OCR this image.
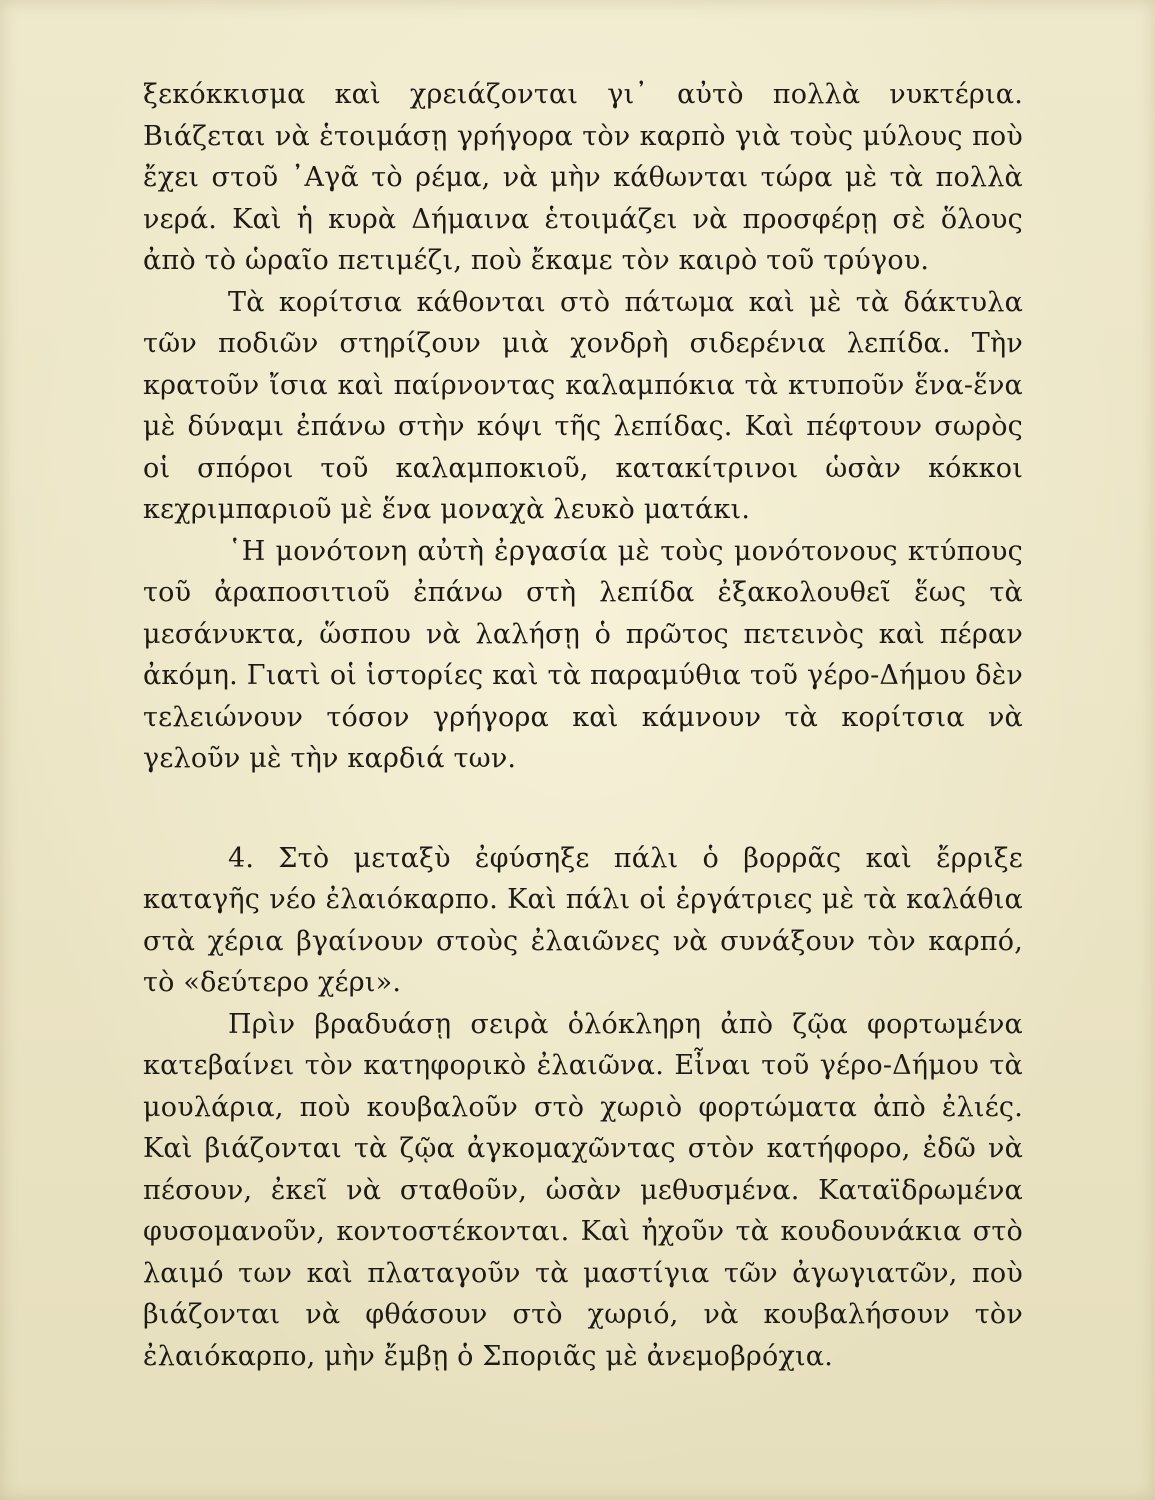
ξεκόκκισμα καὶ χρειάζονται γι᾽ αὐτὸ πολλὰ νυκτέρια. Βιάζεται νὰ ἑτοιμάσῃ γρήγορα τὸν καρπὸ γιὰ τοὺς μύλους ποὺ ἔχει στοῦ ᾽Αγᾶ τὸ ρέμα, νὰ μὴν κάθωνται τώρα μὲ τὰ πολλὰ νερά. Καὶ ἡ κυρὰ Δήμαινα ἑτοιμάζει νὰ προσφέρῃ σὲ ὅλους ἀπὸ τὸ ὡραῖο πετιμέζι, ποὺ ἔκαμε τὸν καιρὸ τοῦ τρύγου.

Τὰ κορίτσια κάθονται στὸ πάτωμα καὶ μὲ τὰ δάκτυλα τῶν ποδιῶν στηρίζουν μιὰ χονδρὴ σιδερένια λεπίδα. Τὴν κρατοῦν ἴσια καὶ παίρνοντας καλαμπόκια τὰ κτυποῦν ἕνα-ἕνα μὲ δύναμι ἐπάνω στὴν κόψι τῆς λεπίδας. Καὶ πέφτουν σωρὸς οἱ σπόροι τοῦ καλαμποκιοῦ, κατακίτρινοι ὡσὰν κόκκοι κεχριμπαριοῦ μὲ ἕνα μοναχὰ λευκὸ ματάκι.

῾Η μονότονη αὐτὴ ἐργασία μὲ τοὺς μονότονους κτύπους τοῦ ἀραποσιτιοῦ ἐπάνω στὴ λεπίδα ἐξακολουθεῖ ἕως τὰ μεσάνυκτα, ὥσπου νὰ λαλήσῃ ὁ πρῶτος πετεινὸς καὶ πέραν ἀκόμη. Γιατὶ οἱ ἱστορίες καὶ τὰ παραμύθια τοῦ γέρο-Δήμου δὲν τελειώνουν τόσον γρήγορα καὶ κάμνουν τὰ κορίτσια νὰ γελοῦν μὲ τὴν καρδιά των.

4. Στὸ μεταξὺ ἐφύσηξε πάλι ὁ βορρᾶς καὶ ἔρριξε καταγῆς νέο ἐλαιόκαρπο. Καὶ πάλι οἱ ἐργάτριες μὲ τὰ καλάθια στὰ χέρια βγαίνουν στοὺς ἐλαιῶνες νὰ συνάξουν τὸν καρπό, τὸ «δεύτερο χέρι».

Πρὶν βραδυάσῃ σειρὰ ὁλόκληρη ἀπὸ ζῷα φορτωμένα κατεβαίνει τὸν κατηφορικὸ ἐλαιῶνα. Εἶναι τοῦ γέρο-Δήμου τὰ μουλάρια, ποὺ κουβαλοῦν στὸ χωριὸ φορτώματα ἀπὸ ἐλιές. Καὶ βιάζονται τὰ ζῷα ἀγκομαχῶντας στὸν κατήφορο, ἐδῶ νὰ πέσουν, ἐκεῖ νὰ σταθοῦν, ὡσὰν μεθυσμένα. Καταϊδρωμένα φυσομανοῦν, κοντοστέκονται. Καὶ ἠχοῦν τὰ κουδουνάκια στὸ λαιμό των καὶ πλαταγοῦν τὰ μαστίγια τῶν ἀγωγιατῶν, ποὺ βιάζονται νὰ φθάσουν στὸ χωριό, νὰ κουβαλήσουν τὸν ἐλαιόκαρπο, μὴν ἔμβῃ ὁ Σποριᾶς μὲ ἀνεμοβρόχια.
